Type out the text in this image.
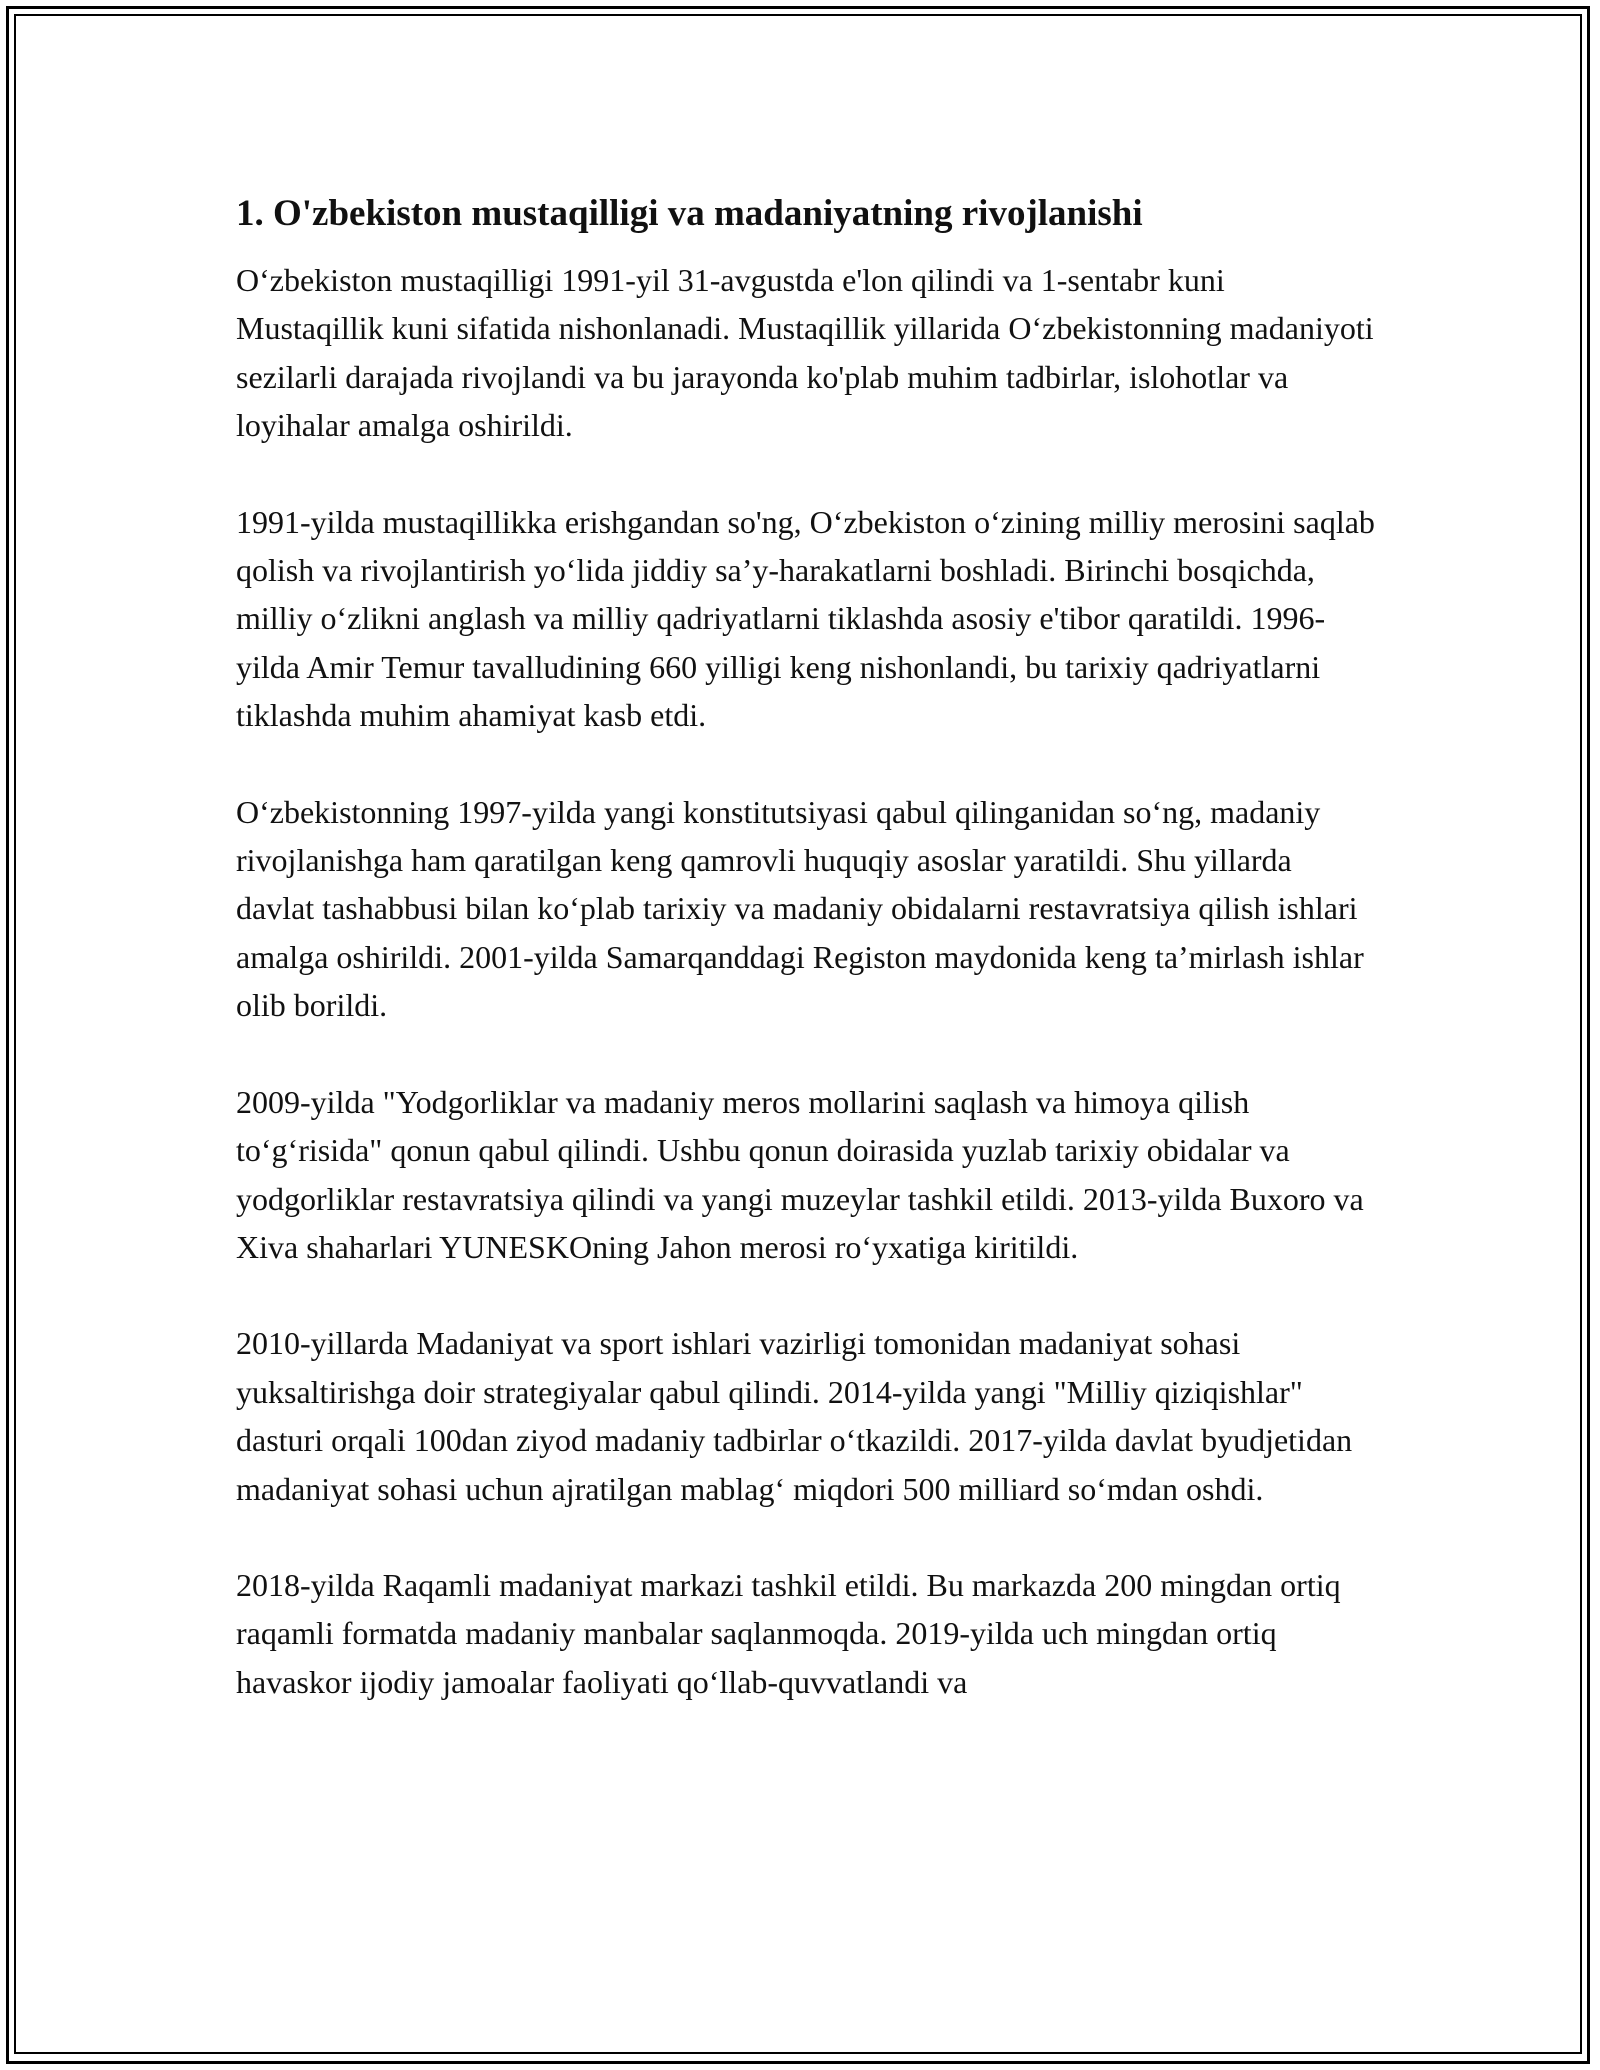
1. O'zbekiston mustaqilligi va madaniyatning rivojlanishi

O‘zbekiston mustaqilligi 1991-yil 31-avgustda e'lon qilindi va 1-sentabr kuni Mustaqillik kuni sifatida nishonlanadi. Mustaqillik yillarida O‘zbekistonning madaniyoti sezilarli darajada rivojlandi va bu jarayonda ko'plab muhim tadbirlar, islohotlar va loyihalar amalga oshirildi.

1991-yilda mustaqillikka erishgandan so'ng, O‘zbekiston o‘zining milliy merosini saqlab qolish va rivojlantirish yo‘lida jiddiy sa’y-harakatlarni boshladi. Birinchi bosqichda, milliy o‘zlikni anglash va milliy qadriyatlarni tiklashda asosiy e'tibor qaratildi. 1996-yilda Amir Temur tavalludining 660 yilligi keng nishonlandi, bu tarixiy qadriyatlarni tiklashda muhim ahamiyat kasb etdi.

O‘zbekistonning 1997-yilda yangi konstitutsiyasi qabul qilinganidan so‘ng, madaniy rivojlanishga ham qaratilgan keng qamrovli huquqiy asoslar yaratildi. Shu yillarda davlat tashabbusi bilan ko‘plab tarixiy va madaniy obidalarni restavratsiya qilish ishlari amalga oshirildi. 2001-yilda Samarqanddagi Registon maydonida keng ta’mirlash ishlar olib borildi.

2009-yilda "Yodgorliklar va madaniy meros mollarini saqlash va himoya qilish to‘g‘risida" qonun qabul qilindi. Ushbu qonun doirasida yuzlab tarixiy obidalar va yodgorliklar restavratsiya qilindi va yangi muzeylar tashkil etildi. 2013-yilda Buxoro va Xiva shaharlari YUNESKOning Jahon merosi ro‘yxatiga kiritildi.

2010-yillarda Madaniyat va sport ishlari vazirligi tomonidan madaniyat sohasi yuksaltirishga doir strategiyalar qabul qilindi. 2014-yilda yangi "Milliy qiziqishlar" dasturi orqali 100dan ziyod madaniy tadbirlar o‘tkazildi. 2017-yilda davlat byudjetidan madaniyat sohasi uchun ajratilgan mablag‘ miqdori 500 milliard so‘mdan oshdi.

2018-yilda Raqamli madaniyat markazi tashkil etildi. Bu markazda 200 mingdan ortiq raqamli formatda madaniy manbalar saqlanmoqda. 2019-yilda uch mingdan ortiq havaskor ijodiy jamoalar faoliyati qo‘llab-quvvatlandi va
